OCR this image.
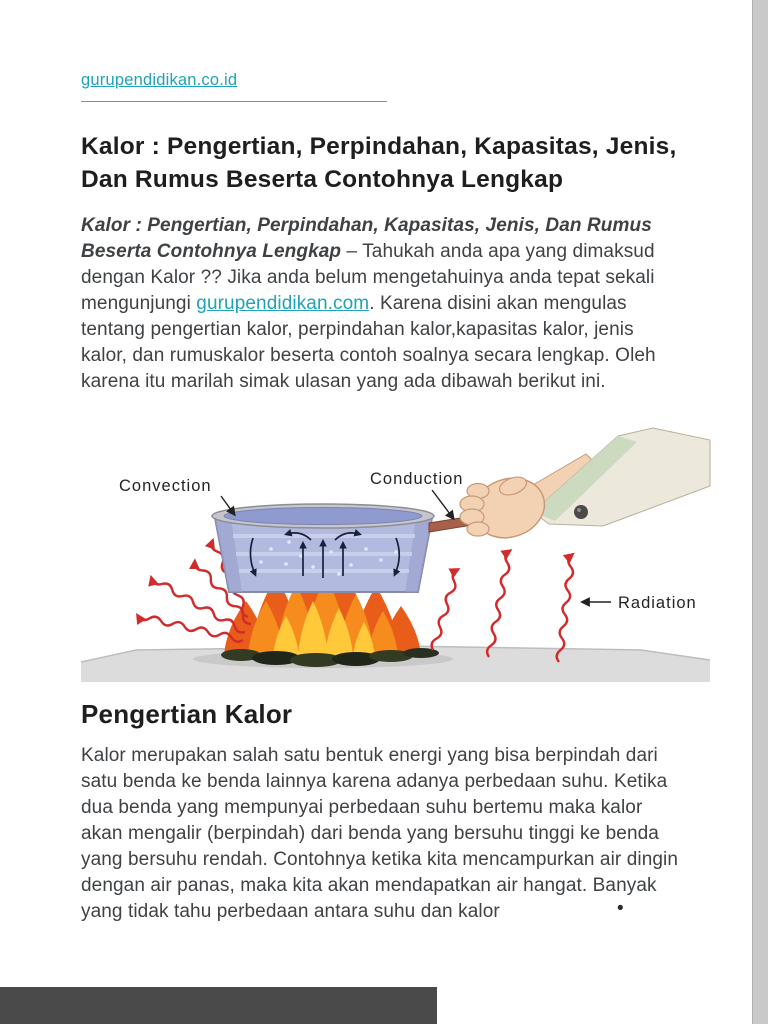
gurupendidikan.co.id
Kalor : Pengertian, Perpindahan, Kapasitas, Jenis, Dan Rumus Beserta Contohnya Lengkap

Kalor : Pengertian, Perpindahan, Kapasitas, Jenis, Dan Rumus Beserta Contohnya Lengkap – Tahukah anda apa yang dimaksud dengan Kalor ?? Jika anda belum mengetahuinya anda tepat sekali mengunjungi gurupendidikan.com. Karena disini akan mengulas tentang pengertian kalor, perpindahan kalor,kapasitas kalor, jenis kalor, dan rumuskalor beserta contoh soalnya secara lengkap. Oleh karena itu marilah simak ulasan yang ada dibawah berikut ini.

Convection	Conduction
Radiation
Pengertian Kalor

Kalor merupakan salah satu bentuk energi yang bisa berpindah dari satu benda ke benda lainnya karena adanya perbedaan suhu. Ketika dua benda yang mempunyai perbedaan suhu bertemu maka kalor akan mengalir (berpindah) dari benda yang bersuhu tinggi ke benda yang bersuhu rendah. Contohnya ketika kita mencampurkan air dingin dengan air panas, maka kita akan mendapatkan air hangat. Banyak yang tidak tahu perbedaan antara suhu dan kalor	•
